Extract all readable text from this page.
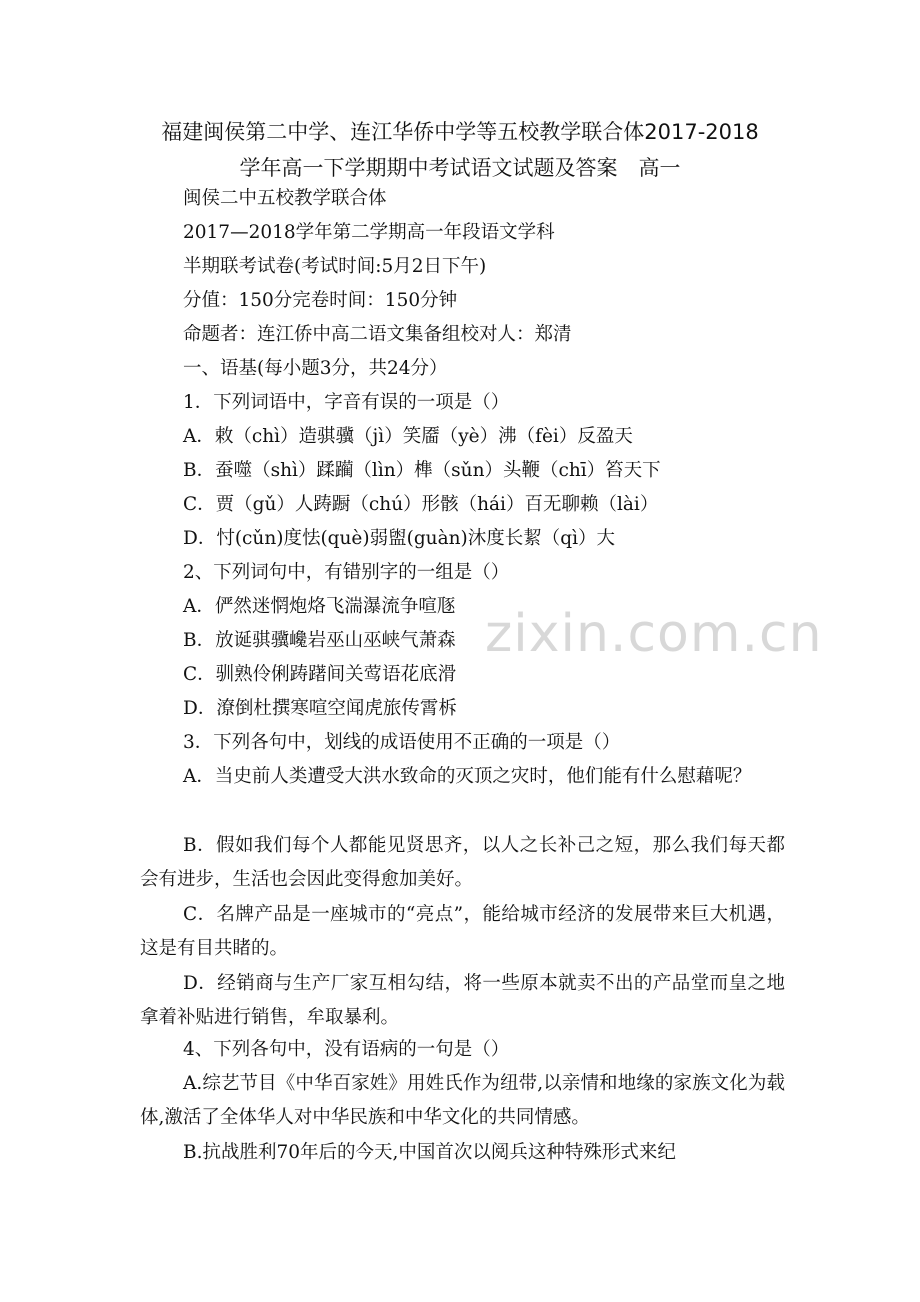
福建闽侯第二中学、连江华侨中学等五校教学联合体2017-2018
学年高一下学期期中考试语文试题及答案　高一
闽侯二中五校教学联合体
2017—2018学年第二学期高一年段语文学科
半期联考试卷(考试时间:5月2日下午)
分值：150分完卷时间：150分钟
命题者：连江侨中高二语文集备组校对人：郑清
一、语基(每小题3分，共24分）
1．下列词语中，字音有误的一项是（）
A．敕（chì）造骐骥（jì）笑靥（yè）沸（fèi）反盈天
B．蚕噬（shì）蹂躏（lìn）榫（sǔn）头鞭（chī）笞天下
C．贾（gǔ）人踌蹰（chú）形骸（hái）百无聊赖（lài）
D．忖(cǔn)度怯(què)弱盥(guàn)沐度长絜（qì）大
2、下列词句中，有错别字的一组是（）
A．俨然迷惘炮烙飞湍瀑流争喧豗
B．放诞骐骥巉岩巫山巫峡气萧森
C．驯熟伶俐踌躇间关莺语花底滑
D．潦倒杜撰寒喧空闻虎旅传霄柝
3．下列各句中，划线的成语使用不正确的一项是（）
A．当史前人类遭受大洪水致命的灭顶之灾时，他们能有什么慰藉呢？
B．假如我们每个人都能见贤思齐，以人之长补己之短，那么我们每天都会有进步，生活也会因此变得愈加美好。
C．名牌产品是一座城市的“亮点”，能给城市经济的发展带来巨大机遇，这是有目共睹的。
D．经销商与生产厂家互相勾结，将一些原本就卖不出的产品堂而皇之地拿着补贴进行销售，牟取暴利。
4、下列各句中，没有语病的一句是（）
A.综艺节目《中华百家姓》用姓氏作为纽带,以亲情和地缘的家族文化为载体,激活了全体华人对中华民族和中华文化的共同情感。
B.抗战胜利70年后的今天,中国首次以阅兵这种特殊形式来纪
zixin.com.cn
